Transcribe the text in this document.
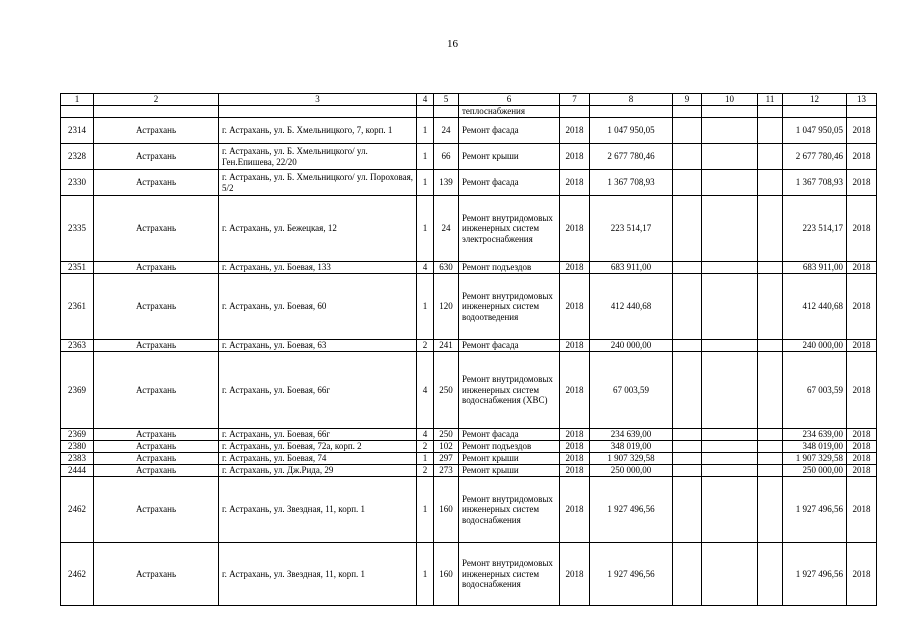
16
1	2	3	4	5	6	7	8	9	10	11	12	13
					теплоснабжения							
2314	Астрахань	г. Астрахань, ул. Б. Хмельницкого, 7, корп. 1	1	24	Ремонт фасада	2018	1 047 950,05				1 047 950,05	2018
2328	Астрахань	г. Астрахань, ул. Б. Хмельницкого/ ул. Ген.Епишева, 22/20	1	66	Ремонт крыши	2018	2 677 780,46				2 677 780,46	2018
2330	Астрахань	г. Астрахань, ул. Б. Хмельницкого/ ул. Пороховая, 5/2	1	139	Ремонт фасада	2018	1 367 708,93				1 367 708,93	2018
2335	Астрахань	г. Астрахань, ул. Бежецкая, 12	1	24	Ремонт внутридомовых инженерных систем электроснабжения	2018	223 514,17				223 514,17	2018
2351	Астрахань	г. Астрахань, ул. Боевая, 133	4	630	Ремонт подъездов	2018	683 911,00				683 911,00	2018
2361	Астрахань	г. Астрахань, ул. Боевая, 60	1	120	Ремонт внутридомовых инженерных систем водоотведения	2018	412 440,68				412 440,68	2018
2363	Астрахань	г. Астрахань, ул. Боевая, 63	2	241	Ремонт фасада	2018	240 000,00				240 000,00	2018
2369	Астрахань	г. Астрахань, ул. Боевая, 66г	4	250	Ремонт внутридомовых инженерных систем водоснабжения (ХВС)	2018	67 003,59				67 003,59	2018
2369	Астрахань	г. Астрахань, ул. Боевая, 66г	4	250	Ремонт фасада	2018	234 639,00				234 639,00	2018
2380	Астрахань	г. Астрахань, ул. Боевая, 72а, корп. 2	2	102	Ремонт подъездов	2018	348 019,00				348 019,00	2018
2383	Астрахань	г. Астрахань, ул. Боевая, 74	1	297	Ремонт крыши	2018	1 907 329,58				1 907 329,58	2018
2444	Астрахань	г. Астрахань, ул. Дж.Рида, 29	2	273	Ремонт крыши	2018	250 000,00				250 000,00	2018
2462	Астрахань	г. Астрахань, ул. Звездная, 11, корп. 1	1	160	Ремонт внутридомовых инженерных систем водоснабжения	2018	1 927 496,56				1 927 496,56	2018
2462	Астрахань	г. Астрахань, ул. Звездная, 11, корп. 1	1	160	Ремонт внутридомовых инженерных систем водоснабжения	2018	1 927 496,56				1 927 496,56	2018
